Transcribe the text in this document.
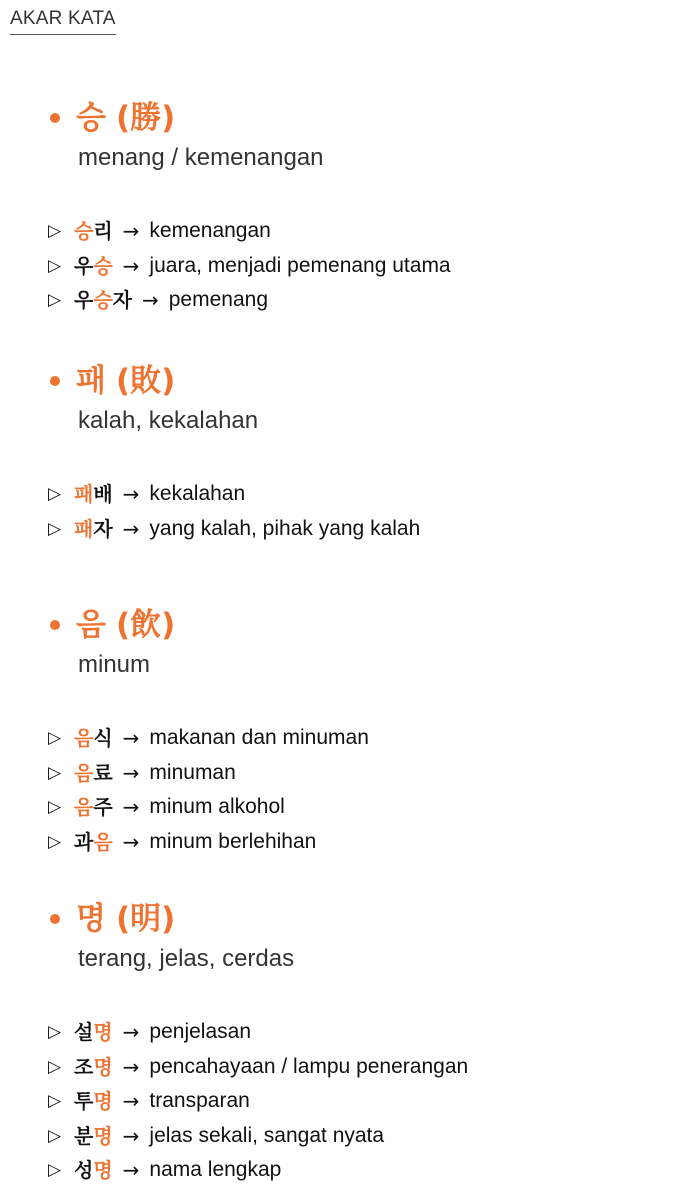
AKAR KATA
승 (勝)
menang / kemenangan
▷ 승리 → kemenangan
▷ 우승 → juara, menjadi pemenang utama
▷ 우승자 → pemenang
패 (敗)
kalah, kekalahan
▷ 패배 → kekalahan
▷ 패자 → yang kalah, pihak yang kalah
음 (飲)
minum
▷ 음식 → makanan dan minuman
▷ 음료 → minuman
▷ 음주 → minum alkohol
▷ 과음 → minum berlehihan
명 (明)
terang, jelas, cerdas
▷ 설명 → penjelasan
▷ 조명 → pencahayaan / lampu penerangan
▷ 투명 → transparan
▷ 분명 → jelas sekali, sangat nyata
▷ 성명 → nama lengkap
